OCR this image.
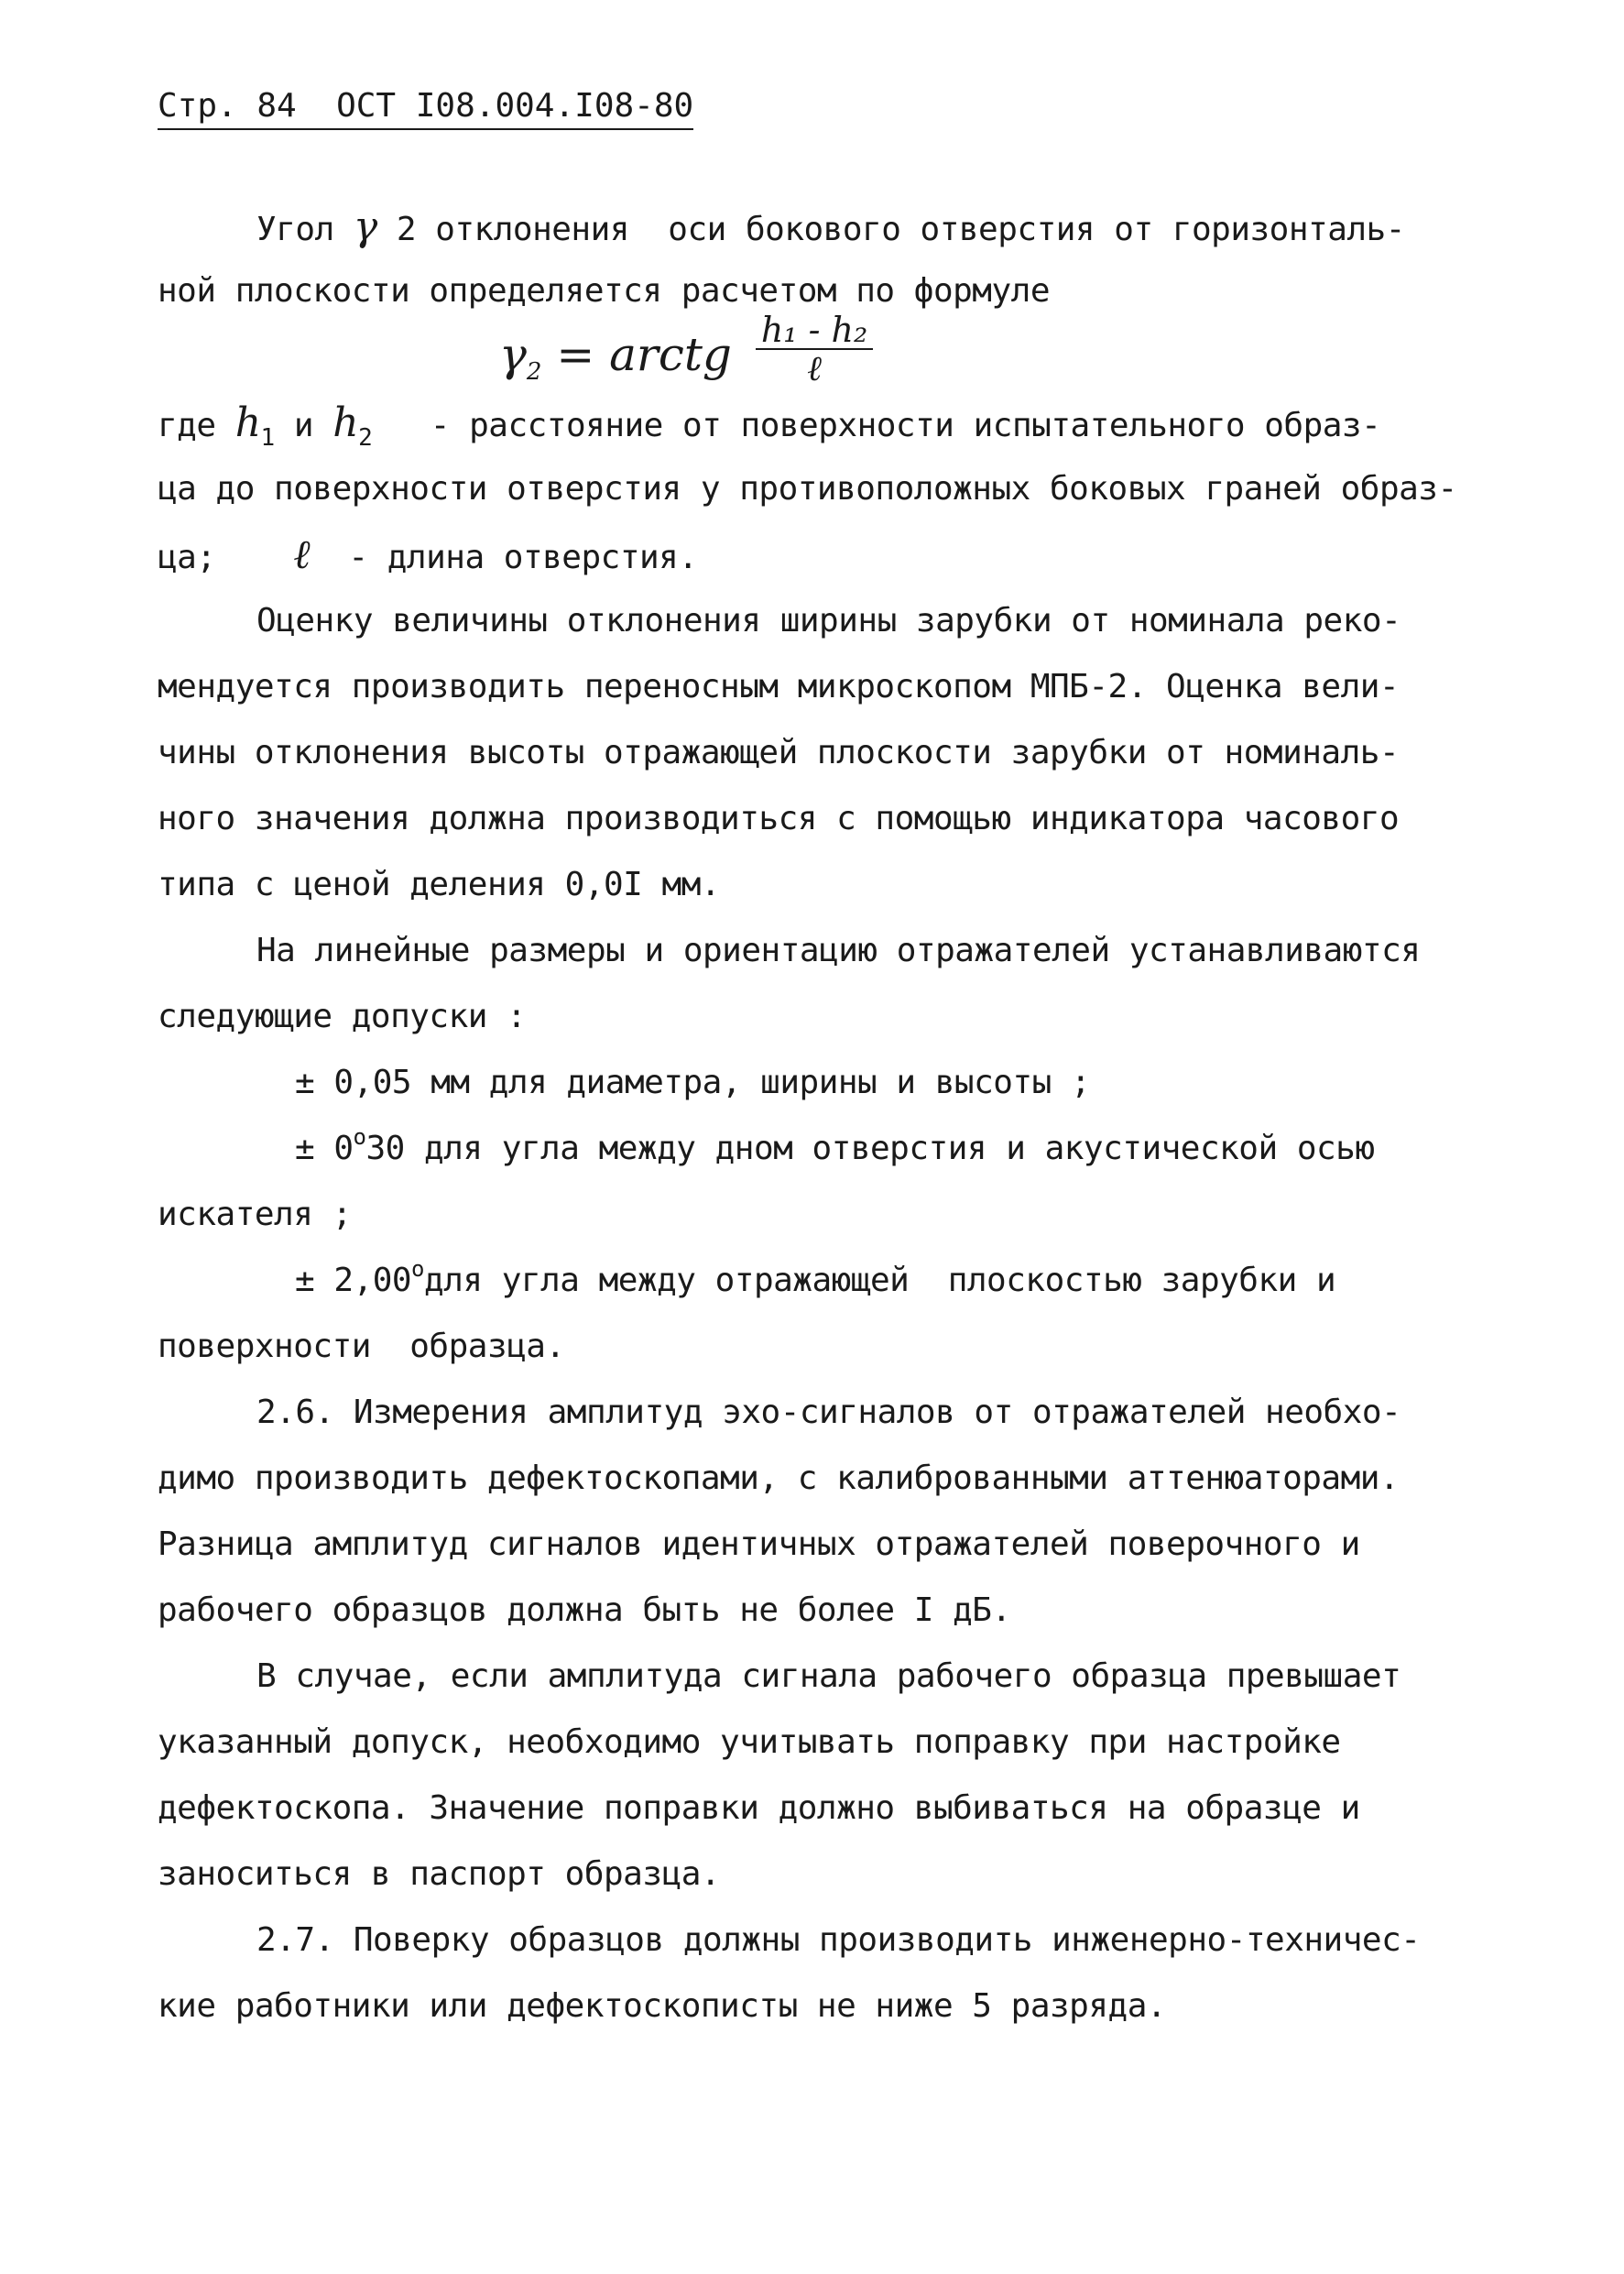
Стр. 84  ОСТ I08.004.I08-80
Угол γ 2 отклонения  оси бокового отверстия от горизонталь-
ной плоскости определяется расчетом по формуле
$\gamma_2$ = arctg $\frac{\text{h₁ - h₂}}{\text{ℓ}}$
где $h_1$ и $h_2$   - расстояние от поверхности испытательного образ-
ца до поверхности отверстия у противоположных боковых граней образ-
ца;    ℓ  - длина отверстия.
Оценку величины отклонения ширины зарубки от номинала реко-
мендуется производить переносным микроскопом МПБ-2. Оценка вели-
чины отклонения высоты отражающей плоскости зарубки от номиналь-
ного значения должна производиться с помощью индикатора часового
типа с ценой деления 0,0I мм.
На линейные размеры и ориентацию отражателей устанавливаются
следующие допуски :
± 0,05 мм для диаметра, ширины и высоты ;
± $0^о30$ для угла между дном отверстия и акустической осью
искателя ;
± $2,00^одля$ угла между отражающей  плоскостью зарубки и
поверхности  образца.
2.6. Измерения амплитуд эхо-сигналов от отражателей необхо-
димо производить дефектоскопами, с калиброванными аттенюаторами.
Разница амплитуд сигналов идентичных отражателей поверочного и
рабочего образцов должна быть не более I дБ.
В случае, если амплитуда сигнала рабочего образца превышает
указанный допуск, необходимо учитывать поправку при настройке
дефектоскопа. Значение поправки должно выбиваться на образце и
заноситься в паспорт образца.
2.7. Поверку образцов должны производить инженерно-техничес-
кие работники или дефектоскописты не ниже 5 разряда.
